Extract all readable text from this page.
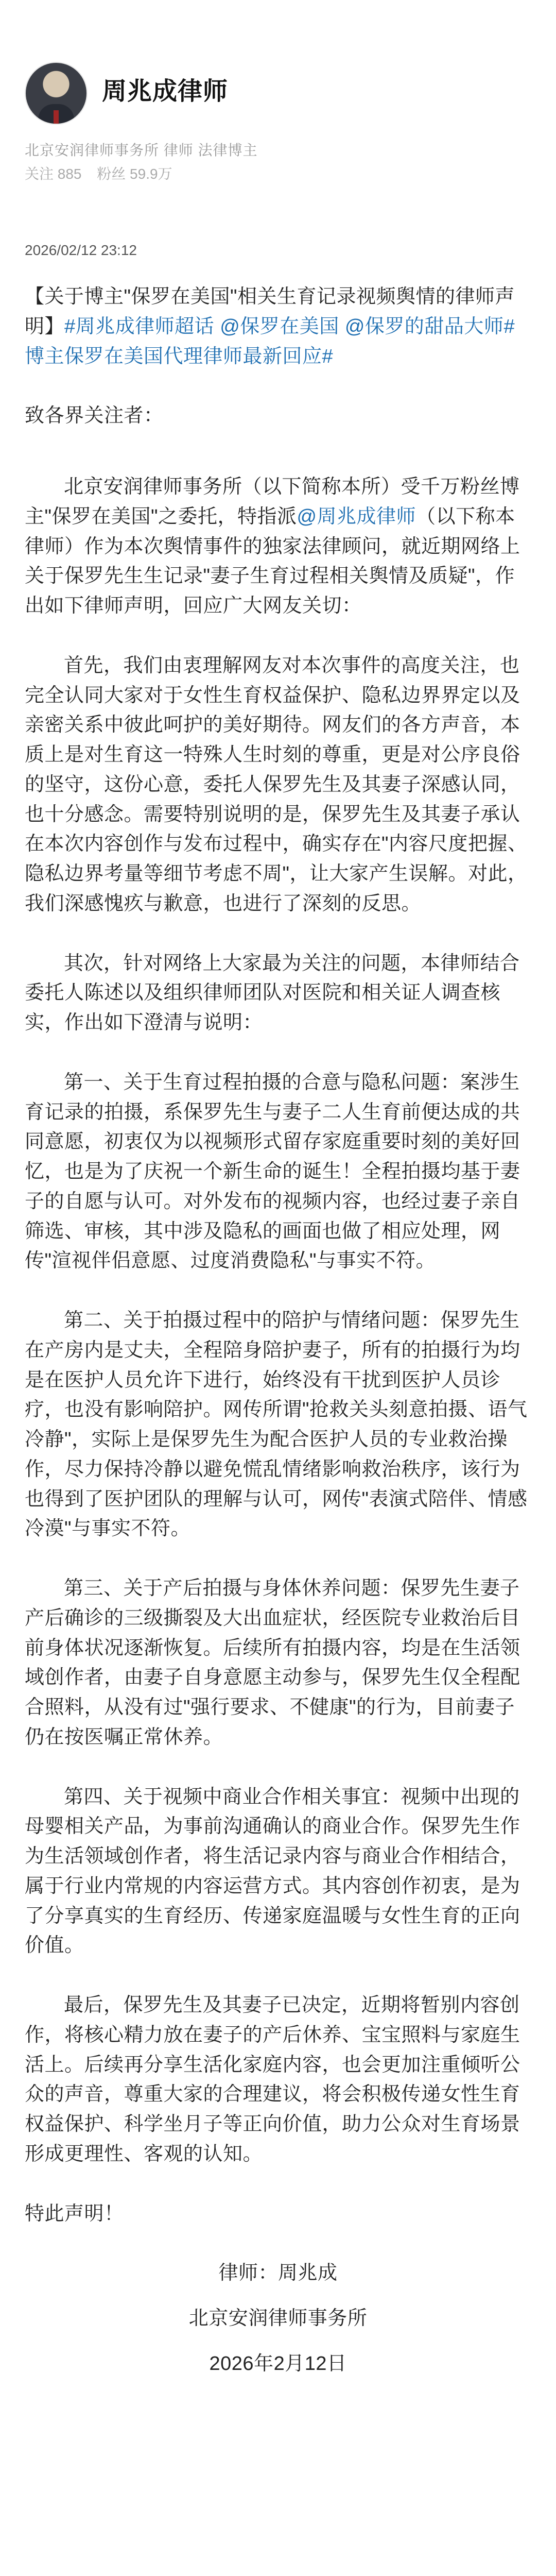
周兆成律师
北京安润律师事务所 律师 法律博主
关注 885 粉丝 59.9万
2026/02/12 23:12

【关于博主"保罗在美国"相关生育记录视频舆情的律师声明】#周兆成律师超话 @保罗在美国 @保罗的甜品大师#博主保罗在美国代理律师最新回应#

致各界关注者：

北京安润律师事务所（以下简称本所）受千万粉丝博主"保罗在美国"之委托，特指派@周兆成律师（以下称本律师）作为本次舆情事件的独家法律顾问，就近期网络上关于保罗先生生记录"妻子生育过程相关舆情及质疑"，作出如下律师声明，回应广大网友关切：

首先，我们由衷理解网友对本次事件的高度关注，也完全认同大家对于女性生育权益保护、隐私边界界定以及亲密关系中彼此呵护的美好期待。网友们的各方声音，本质上是对生育这一特殊人生时刻的尊重，更是对公序良俗的坚守，这份心意，委托人保罗先生及其妻子深感认同，也十分感念。需要特别说明的是，保罗先生及其妻子承认在本次内容创作与发布过程中，确实存在"内容尺度把握、隐私边界考量等细节考虑不周"，让大家产生误解。对此，我们深感愧疚与歉意，也进行了深刻的反思。

其次，针对网络上大家最为关注的问题，本律师结合委托人陈述以及组织律师团队对医院和相关证人调查核实，作出如下澄清与说明：

第一、关于生育过程拍摄的合意与隐私问题：案涉生育记录的拍摄，系保罗先生与妻子二人生育前便达成的共同意愿，初衷仅为以视频形式留存家庭重要时刻的美好回忆，也是为了庆祝一个新生命的诞生！全程拍摄均基于妻子的自愿与认可。对外发布的视频内容，也经过妻子亲自筛选、审核，其中涉及隐私的画面也做了相应处理，网传"渲视伴侣意愿、过度消费隐私"与事实不符。

第二、关于拍摄过程中的陪护与情绪问题：保罗先生在产房内是丈夫，全程陪身陪护妻子，所有的拍摄行为均是在医护人员允许下进行，始终没有干扰到医护人员诊疗，也没有影响陪护。网传所谓"抢救关头刻意拍摄、语气冷静"，实际上是保罗先生为配合医护人员的专业救治操作，尽力保持冷静以避免慌乱情绪影响救治秩序，该行为也得到了医护团队的理解与认可，网传"表演式陪伴、情感冷漠"与事实不符。

第三、关于产后拍摄与身体休养问题：保罗先生妻子产后确诊的三级撕裂及大出血症状，经医院专业救治后目前身体状况逐渐恢复。后续所有拍摄内容，均是在生活领域创作者，由妻子自身意愿主动参与，保罗先生仅全程配合照料，从没有过"强行要求、不健康"的行为，目前妻子仍在按医嘱正常休养。

第四、关于视频中商业合作相关事宜：视频中出现的母婴相关产品，为事前沟通确认的商业合作。保罗先生作为生活领域创作者，将生活记录内容与商业合作相结合，属于行业内常规的内容运营方式。其内容创作初衷，是为了分享真实的生育经历、传递家庭温暖与女性生育的正向价值。

最后，保罗先生及其妻子已决定，近期将暂别内容创作，将核心精力放在妻子的产后休养、宝宝照料与家庭生活上。后续再分享生活化家庭内容，也会更加注重倾听公众的声音，尊重大家的合理建议，将会积极传递女性生育权益保护、科学坐月子等正向价值，助力公众对生育场景形成更理性、客观的认知。

特此声明！

律师：周兆成

北京安润律师事务所

2026年2月12日
